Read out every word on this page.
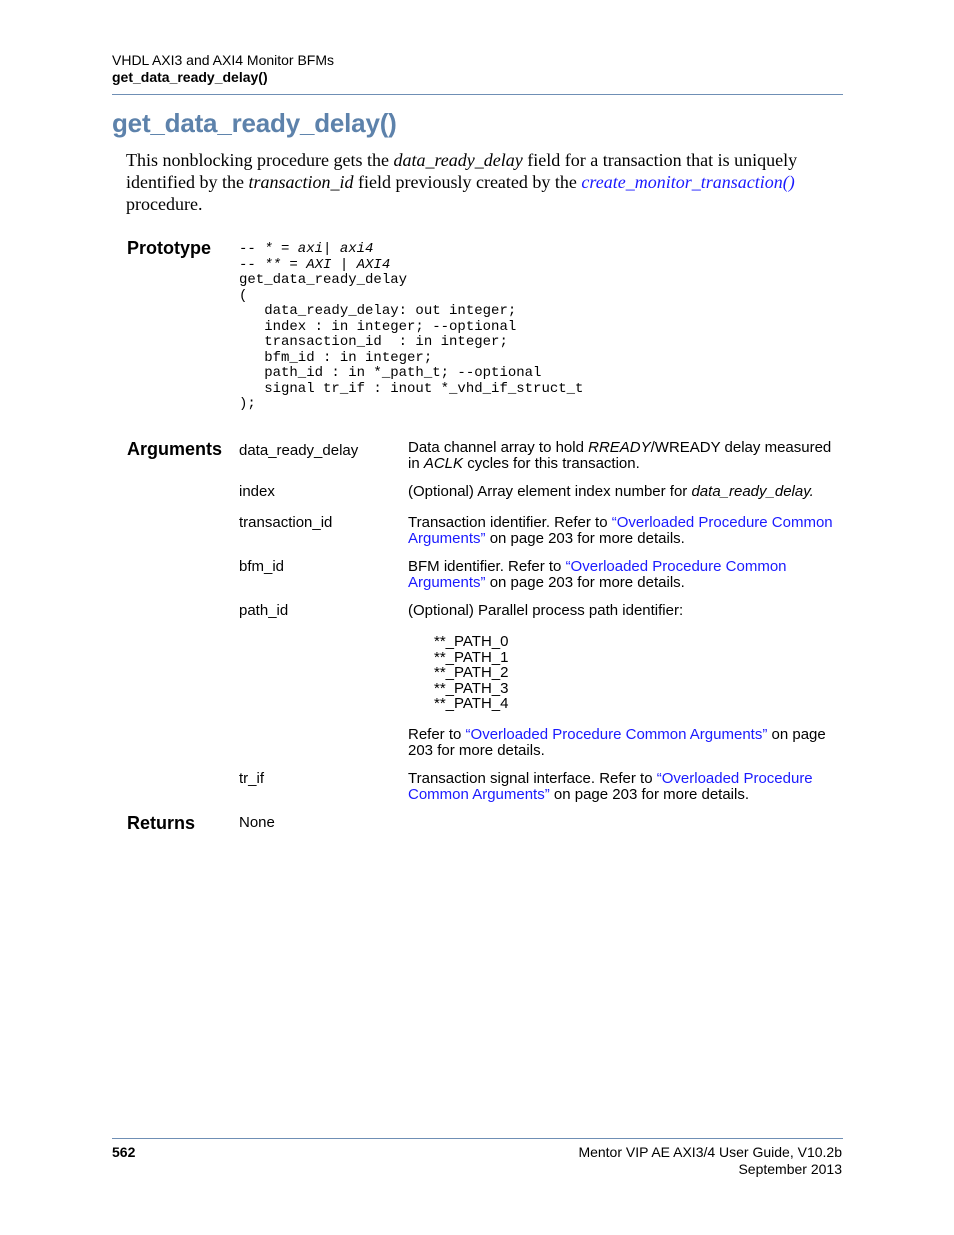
VHDL AXI3 and AXI4 Monitor BFMs
get_data_ready_delay()
get_data_ready_delay()
This nonblocking procedure gets the data_ready_delay field for a transaction that is uniquely identified by the transaction_id field previously created by the create_monitor_transaction()
procedure.
Prototype -- * = axi| axi4
-- ** = AXI | AXI4
get_data_ready_delay
(
data_ready_delay: out integer;
index : in integer; --optional
transaction_id  : in integer;
bfm_id : in integer;
path_id : in *_path_t; --optional
signal tr_if : inout *_vhd_if_struct_t
);
Arguments data_ready_delay	Data channel array to hold RREADY/WREADY delay measured in ACLK cycles for this transaction.
index	(Optional) Array element index number for data_ready_delay.
transaction_id	Transaction identifier. Refer to “Overloaded Procedure Common Arguments” on page 203 for more details.
bfm_id	BFM identifier. Refer to “Overloaded Procedure Common Arguments” on page 203 for more details.
path_id	(Optional) Parallel process path identifier:
**_PATH_0
**_PATH_1
**_PATH_2
**_PATH_3
**_PATH_4
Refer to “Overloaded Procedure Common Arguments” on page 203 for more details.
tr_if	Transaction signal interface. Refer to “Overloaded Procedure Common Arguments” on page 203 for more details.
Returns	None
562	Mentor VIP AE AXI3/4 User Guide, V10.2b
September 2013
